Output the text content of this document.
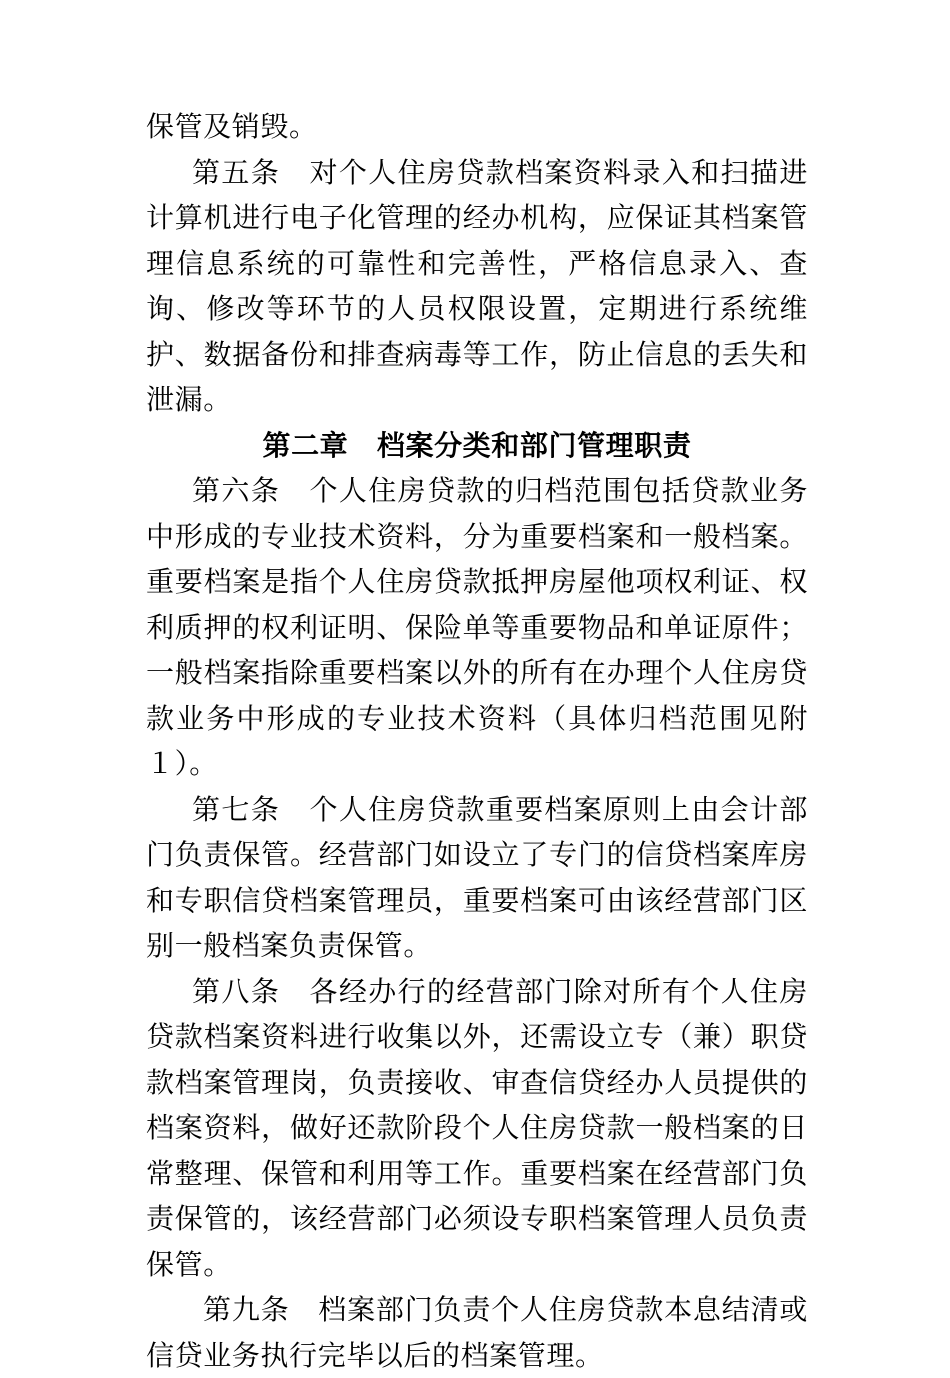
保管及销毁。

第五条　对个人住房贷款档案资料录入和扫描进计算机进行电子化管理的经办机构，应保证其档案管理信息系统的可靠性和完善性，严格信息录入、查询、修改等环节的人员权限设置，定期进行系统维护、数据备份和排查病毒等工作，防止信息的丢失和泄漏。

第二章　档案分类和部门管理职责

第六条　个人住房贷款的归档范围包括贷款业务中形成的专业技术资料，分为重要档案和一般档案。重要档案是指个人住房贷款抵押房屋他项权利证、权利质押的权利证明、保险单等重要物品和单证原件；一般档案指除重要档案以外的所有在办理个人住房贷款业务中形成的专业技术资料（具体归档范围见附１）。

第七条　个人住房贷款重要档案原则上由会计部门负责保管。经营部门如设立了专门的信贷档案库房和专职信贷档案管理员，重要档案可由该经营部门区别一般档案负责保管。

第八条　各经办行的经营部门除对所有个人住房贷款档案资料进行收集以外，还需设立专（兼）职贷款档案管理岗，负责接收、审查信贷经办人员提供的档案资料，做好还款阶段个人住房贷款一般档案的日常整理、保管和利用等工作。重要档案在经营部门负责保管的，该经营部门必须设专职档案管理人员负责保管。

第九条　档案部门负责个人住房贷款本息结清或信贷业务执行完毕以后的档案管理。
